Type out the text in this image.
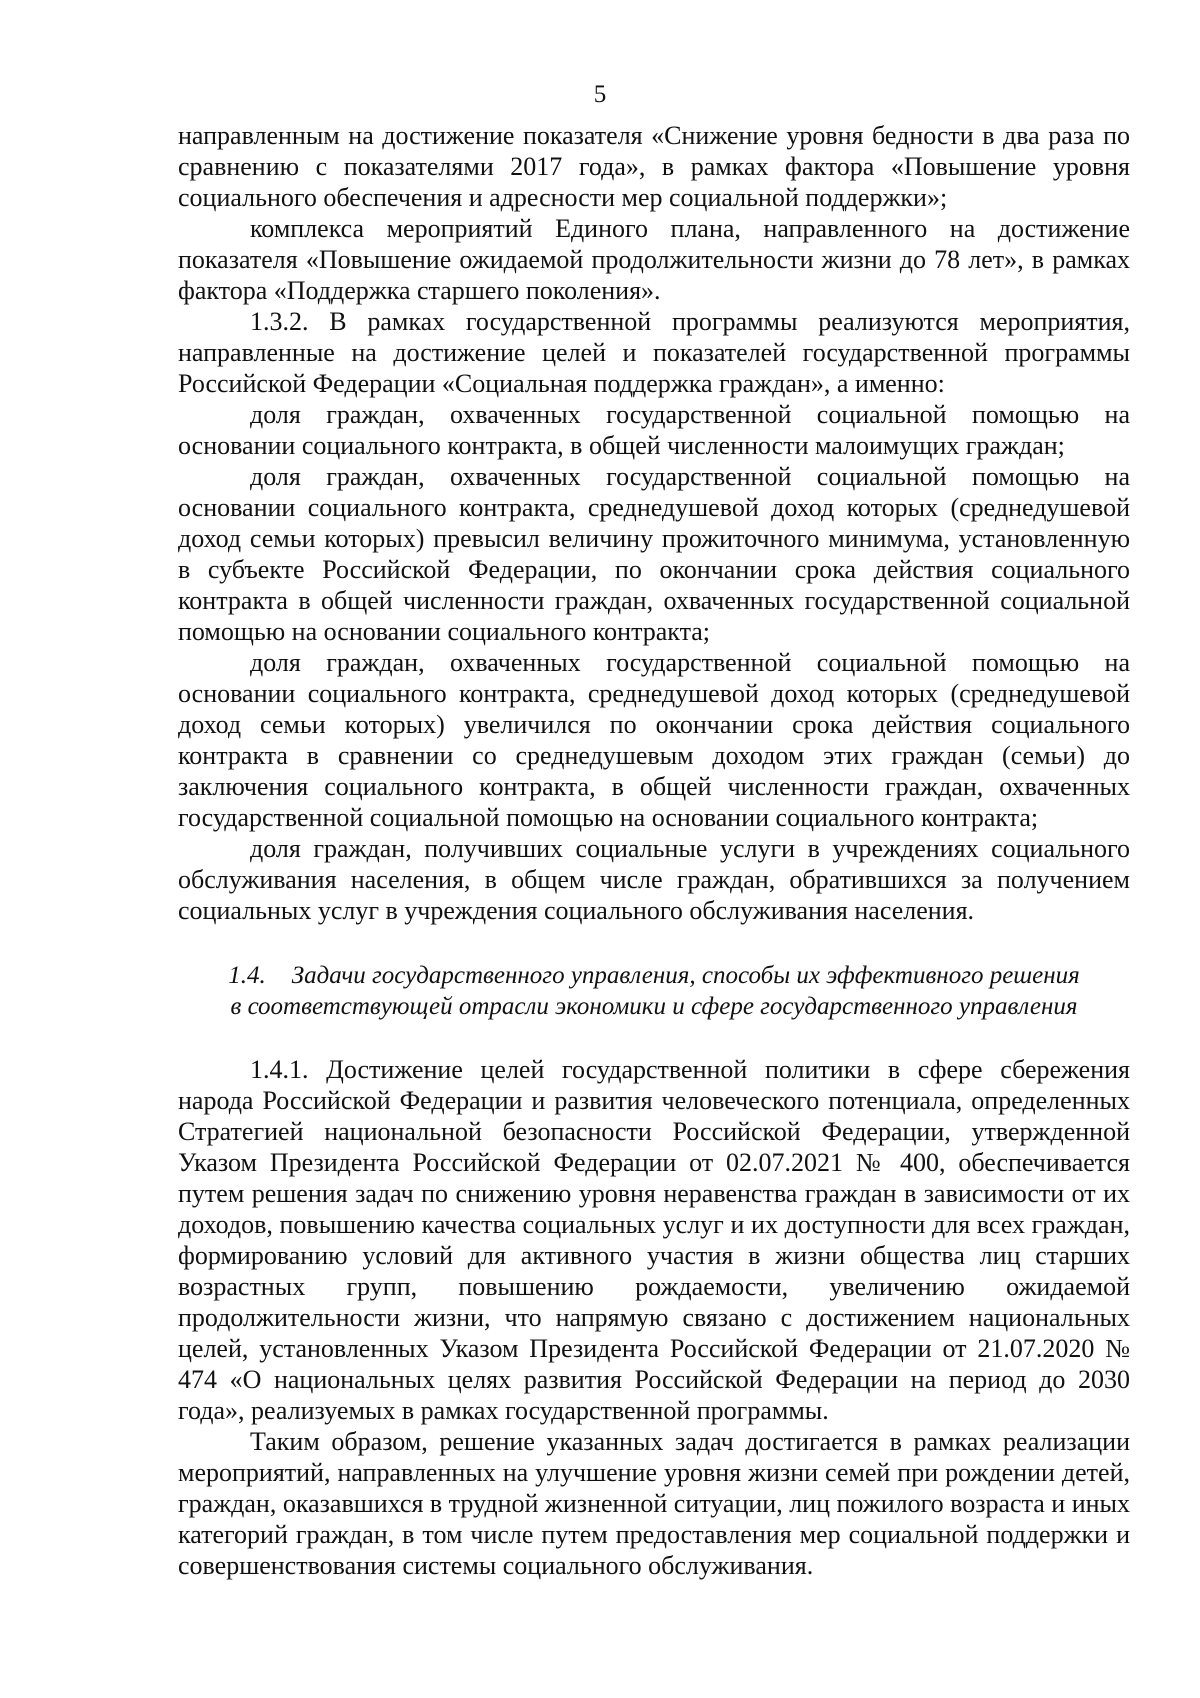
5

направленным на достижение показателя «Снижение уровня бедности в два раза по сравнению с показателями 2017 года», в рамках фактора «Повышение уровня социального обеспечения и адресности мер социальной поддержки»;

комплекса мероприятий Единого плана, направленного на достижение показателя «Повышение ожидаемой продолжительности жизни до 78 лет», в рамках фактора «Поддержка старшего поколения».

1.3.2. В рамках государственной программы реализуются мероприятия, направленные на достижение целей и показателей государственной программы Российской Федерации «Социальная поддержка граждан», а именно:

доля граждан, охваченных государственной социальной помощью на основании социального контракта, в общей численности малоимущих граждан;

доля граждан, охваченных государственной социальной помощью на основании социального контракта, среднедушевой доход которых (среднедушевой доход семьи которых) превысил величину прожиточного минимума, установленную в субъекте Российской Федерации, по окончании срока действия социального контракта в общей численности граждан, охваченных государственной социальной помощью на основании социального контракта;

доля граждан, охваченных государственной социальной помощью на основании социального контракта, среднедушевой доход которых (среднедушевой доход семьи которых) увеличился по окончании срока действия социального контракта в сравнении со среднедушевым доходом этих граждан (семьи) до заключения социального контракта, в общей численности граждан, охваченных государственной социальной помощью на основании социального контракта;

доля граждан, получивших социальные услуги в учреждениях социального обслуживания населения, в общем числе граждан, обратившихся за получением социальных услуг в учреждения социального обслуживания населения.

1.4. Задачи государственного управления, способы их эффективного решения
в соответствующей отрасли экономики и сфере государственного управления

1.4.1. Достижение целей государственной политики в сфере сбережения народа Российской Федерации и развития человеческого потенциала, определенных Стратегией национальной безопасности Российской Федерации, утвержденной Указом Президента Российской Федерации от 02.07.2021 № 400, обеспечивается путем решения задач по снижению уровня неравенства граждан в зависимости от их доходов, повышению качества социальных услуг и их доступности для всех граждан, формированию условий для активного участия в жизни общества лиц старших возрастных групп, повышению рождаемости, увеличению ожидаемой продолжительности жизни, что напрямую связано с достижением национальных целей, установленных Указом Президента Российской Федерации от 21.07.2020 № 474 «О национальных целях развития Российской Федерации на период до 2030 года», реализуемых в рамках государственной программы.

Таким образом, решение указанных задач достигается в рамках реализации мероприятий, направленных на улучшение уровня жизни семей при рождении детей, граждан, оказавшихся в трудной жизненной ситуации, лиц пожилого возраста и иных категорий граждан, в том числе путем предоставления мер социальной поддержки и совершенствования системы социального обслуживания.
